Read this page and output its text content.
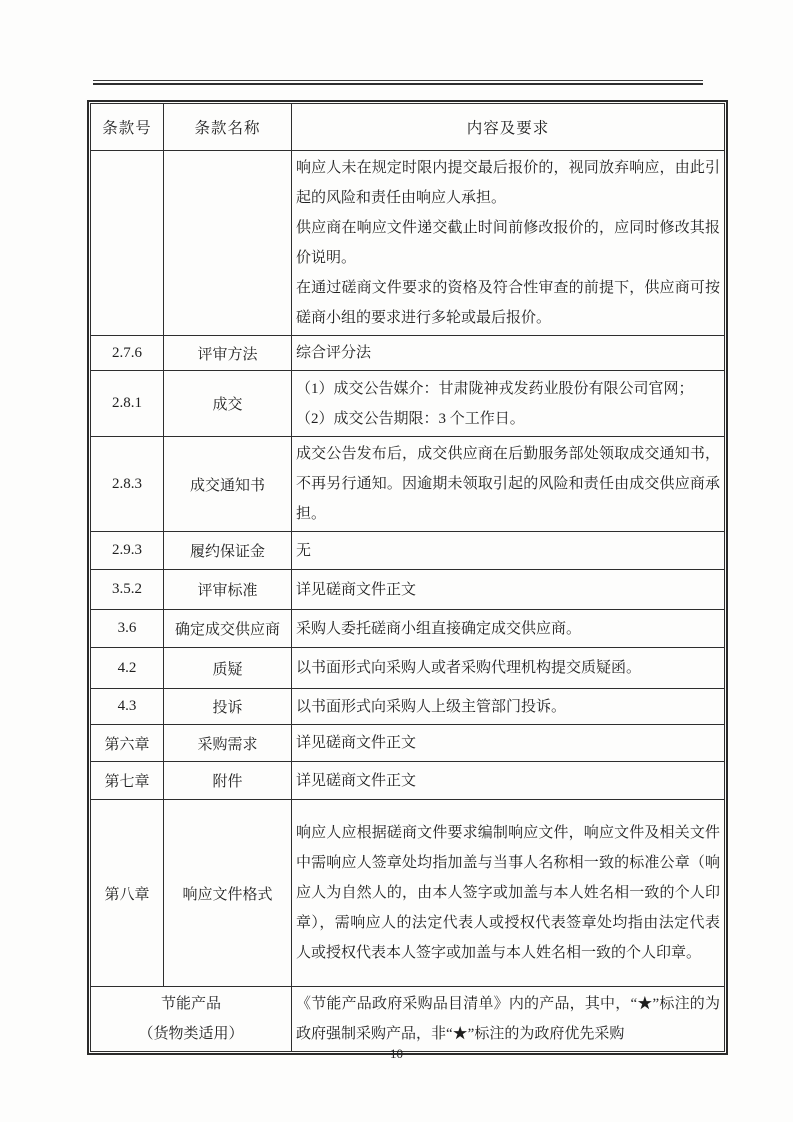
条款号	条款名称	内容及要求

		响应人未在规定时限内提交最后报价的，视同放弃响应，由此引起的风险和责任由响应人承担。

供应商在响应文件递交截止时间前修改报价的，应同时修改其报价说明。

在通过磋商文件要求的资格及符合性审查的前提下，供应商可按磋商小组的要求进行多轮或最后报价。

2.7.6	评审方法	综合评分法

2.8.1	成交	（1）成交公告媒介：甘肃陇神戎发药业股份有限公司官网；

（2）成交公告期限：3 个工作日。

2.8.3	成交通知书	成交公告发布后，成交供应商在后勤服务部处领取成交通知书，不再另行通知。因逾期未领取引起的风险和责任由成交供应商承担。

2.9.3	履约保证金	无

3.5.2	评审标准	详见磋商文件正文

3.6	确定成交供应商	采购人委托磋商小组直接确定成交供应商。

4.2	质疑	以书面形式向采购人或者采购代理机构提交质疑函。

4.3	投诉	以书面形式向采购人上级主管部门投诉。

第六章	采购需求	详见磋商文件正文

第七章	附件	详见磋商文件正文

第八章	响应文件格式	响应人应根据磋商文件要求编制响应文件，响应文件及相关文件中需响应人签章处均指加盖与当事人名称相一致的标准公章（响应人为自然人的，由本人签字或加盖与本人姓名相一致的个人印章），需响应人的法定代表人或授权代表签章处均指由法定代表人或授权代表本人签字或加盖与本人姓名相一致的个人印章。

节能产品

（货物类适用）		《节能产品政府采购品目清单》内的产品，其中，“★”标注的为政府强制采购产品，非“★”标注的为政府优先采购

10
